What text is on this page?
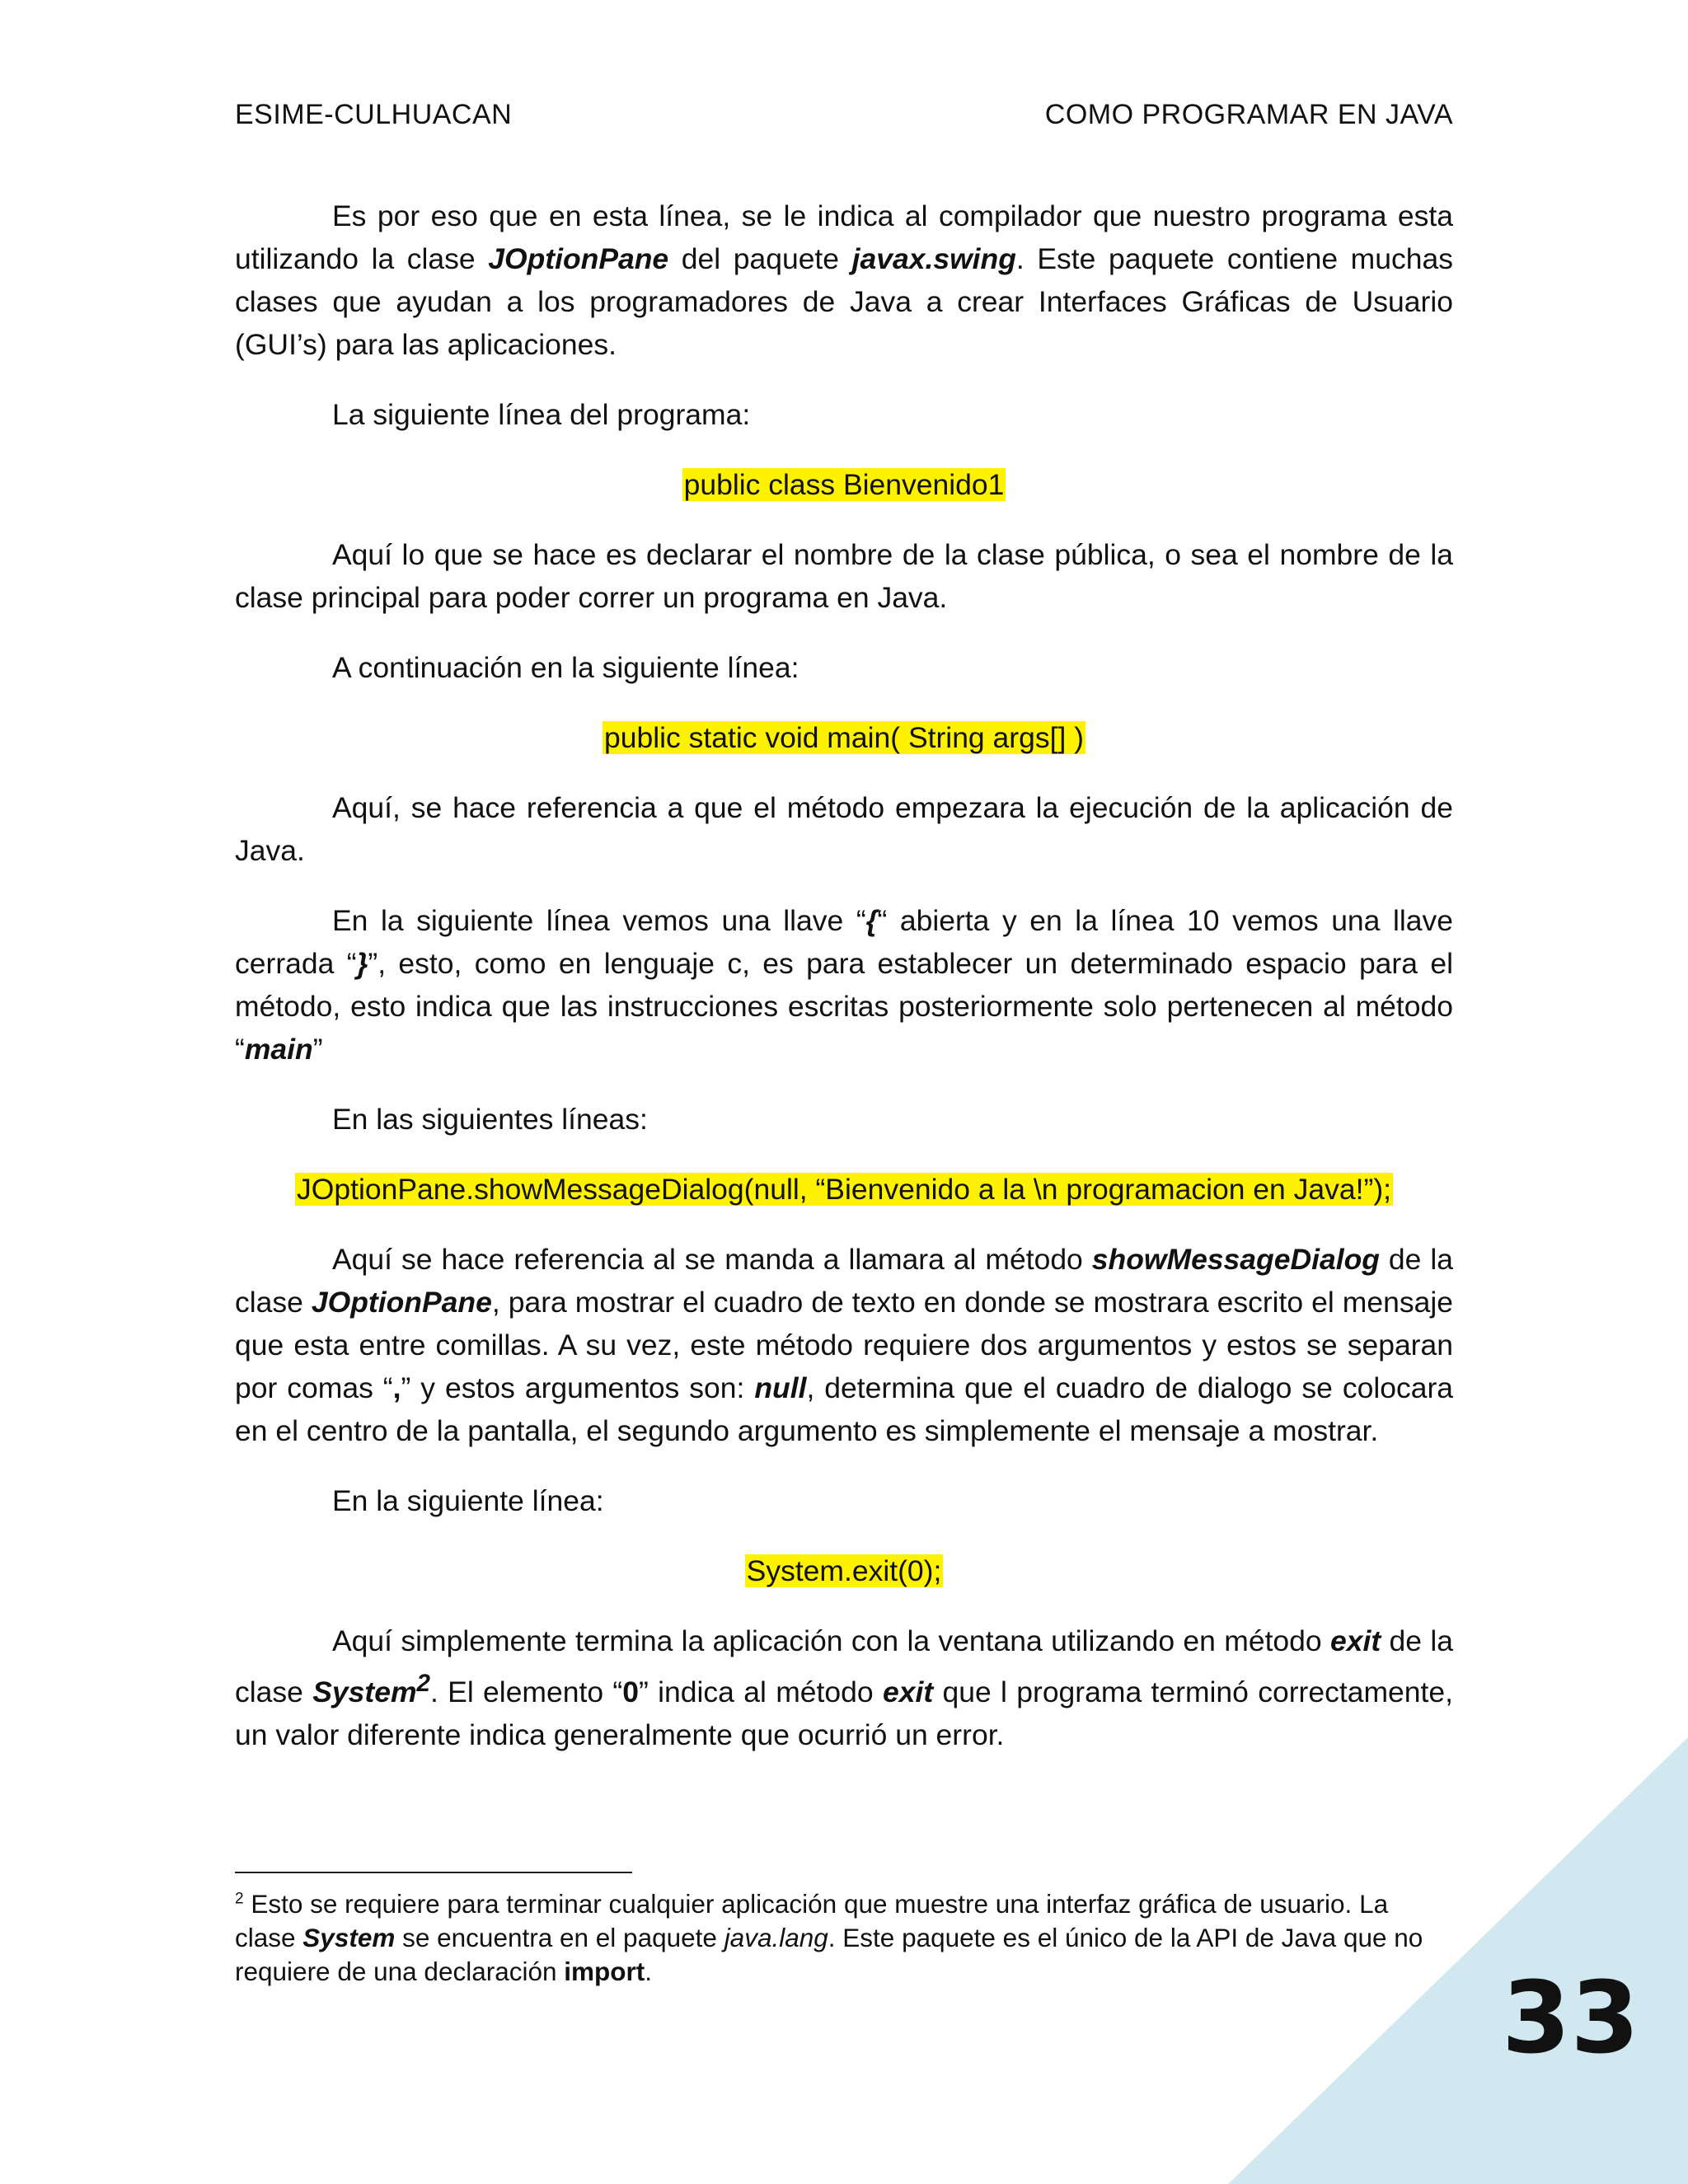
ESIME-CULHUACAN	COMO PROGRAMAR EN JAVA

Es por eso que en esta línea, se le indica al compilador que nuestro programa esta utilizando la clase JOptionPane del paquete javax.swing. Este paquete contiene muchas clases que ayudan a los programadores de Java a crear Interfaces Gráficas de Usuario (GUI’s) para las aplicaciones.

La siguiente línea del programa:

public class Bienvenido1

Aquí lo que se hace es declarar el nombre de la clase pública, o sea el nombre de la clase principal para poder correr un programa en Java.

A continuación en la siguiente línea:

public static void main( String args[] )

Aquí, se hace referencia a que el método empezara la ejecución de la aplicación de Java.

En la siguiente línea vemos una llave “{“ abierta y en la línea 10 vemos una llave cerrada “}”, esto, como en lenguaje c, es para establecer un determinado espacio para el método, esto indica que las instrucciones escritas posteriormente solo pertenecen al método “main”

En las siguientes líneas:

JOptionPane.showMessageDialog(null, “Bienvenido a la \n programacion en Java!”);

Aquí se hace referencia al se manda a llamara al método showMessageDialog de la clase JOptionPane, para mostrar el cuadro de texto en donde se mostrara escrito el mensaje que esta entre comillas. A su vez, este método requiere dos argumentos y estos se separan por comas “,” y estos argumentos son: null, determina que el cuadro de dialogo se colocara en el centro de la pantalla, el segundo argumento es simplemente el mensaje a mostrar.

En la siguiente línea:

System.exit(0);

Aquí simplemente termina la aplicación con la ventana utilizando en método exit de la clase System$^2$. El elemento “0” indica al método exit que l programa terminó correctamente, un valor diferente indica generalmente que ocurrió un error.

$^2$ Esto se requiere para terminar cualquier aplicación que muestre una interfaz gráfica de usuario. La clase System se encuentra en el paquete java.lang. Este paquete es el único de la API de Java que no requiere de una declaración import.	33
